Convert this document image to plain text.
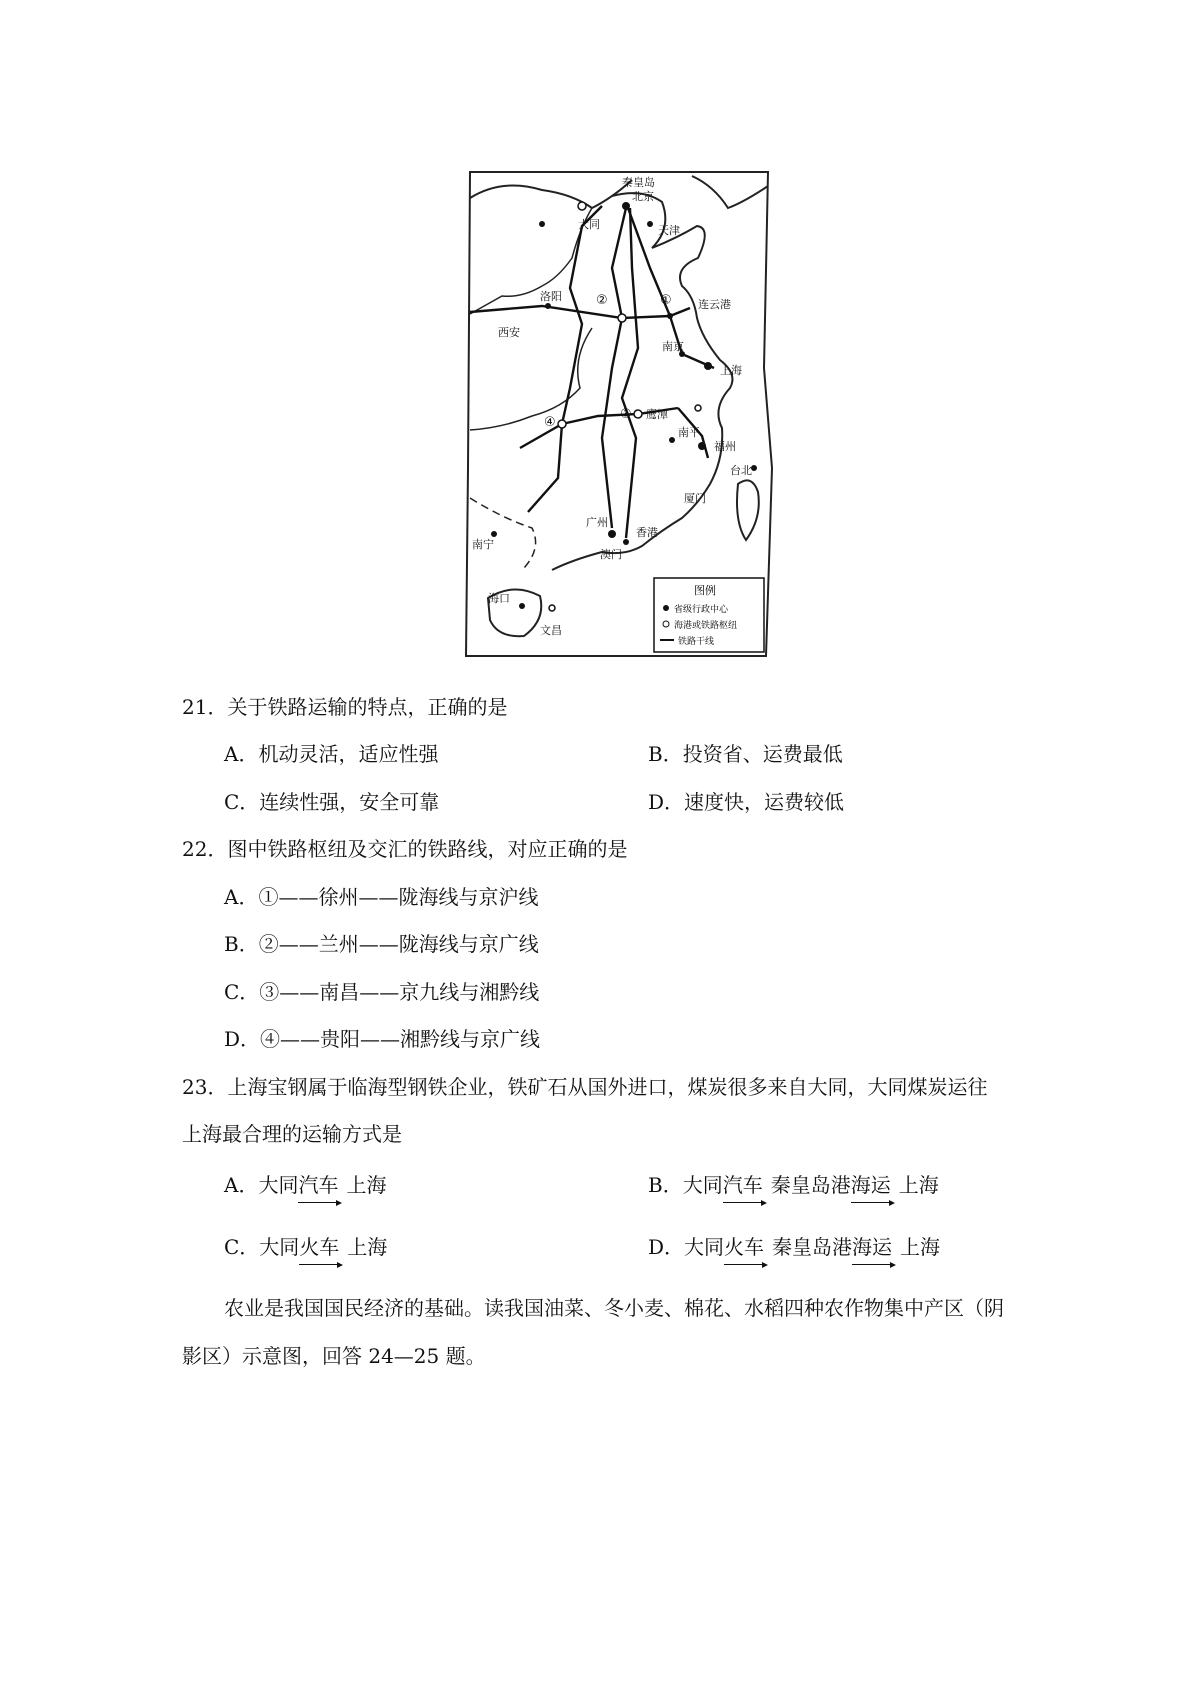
秦皇岛
北京
大同	天津
洛阳
连云港
西安
南京
上海
鹰潭
南平
福州
台北
厦门
广州
香港
澳门
南宁
海口
文昌
①
②
③
④
图例
省级行政中心
海港或铁路枢纽
铁路干线
21．关于铁路运输的特点，正确的是
A．机动灵活，适应性强	B．投资省、运费最低
C．连续性强，安全可靠	D．速度快，运费较低
22．图中铁路枢纽及交汇的铁路线，对应正确的是
A．①——徐州——陇海线与京沪线
B．②——兰州——陇海线与京广线
C．③——南昌——京九线与湘黔线
D．④——贵阳——湘黔线与京广线
23．上海宝钢属于临海型钢铁企业，铁矿石从国外进口，煤炭很多来自大同，大同煤炭运往
上海最合理的运输方式是
A．大同汽车 上海	B．大同汽车 秦皇岛港海运 上海
C．大同火车 上海	D．大同火车 秦皇岛港海运 上海
农业是我国国民经济的基础。读我国油菜、冬小麦、棉花、水稻四种农作物集中产区（阴
影区）示意图，回答 24—25 题。
